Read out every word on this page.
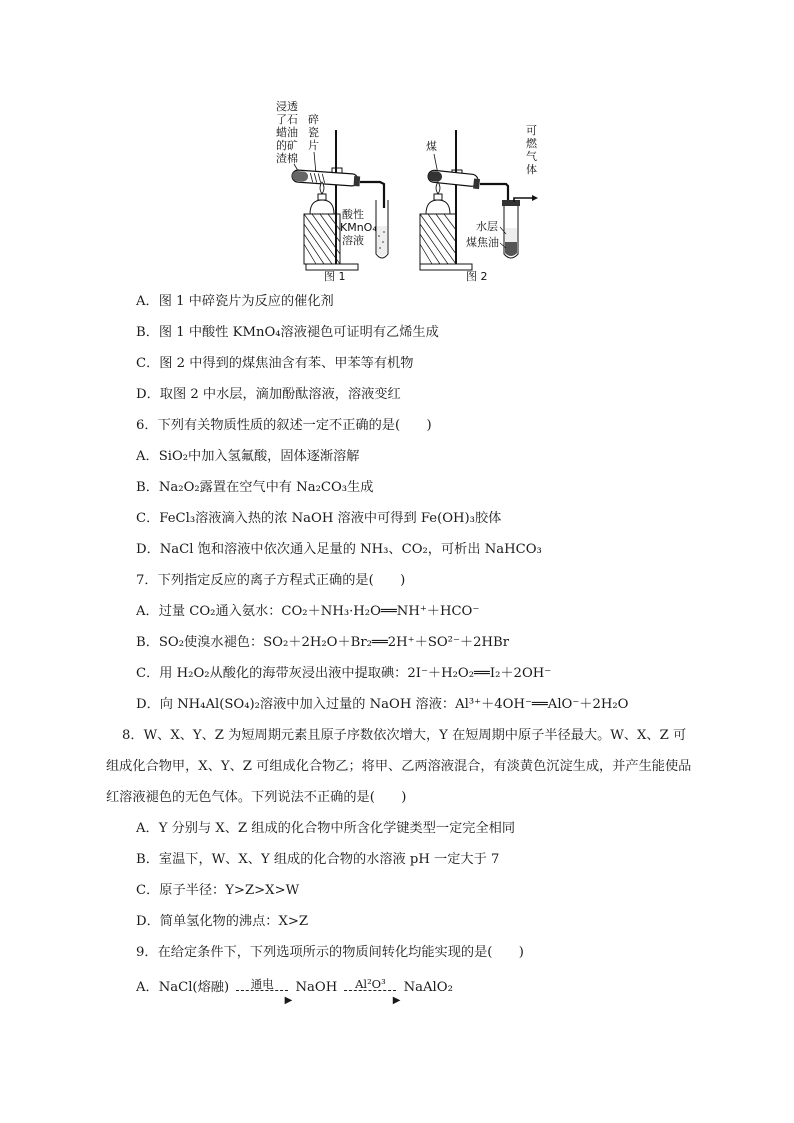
浸透
了石
蜡油
的矿
渣棉
碎
瓷
片
酸性
KMnO₄
溶液
图 1
煤
可
燃
气
体
水层
煤焦油
图 2
A．图 1 中碎瓷片为反应的催化剂
B．图 1 中酸性 KMnO₄溶液褪色可证明有乙烯生成
C．图 2 中得到的煤焦油含有苯、甲苯等有机物
D．取图 2 中水层，滴加酚酞溶液，溶液变红
6．下列有关物质性质的叙述一定不正确的是(　　)
A．SiO₂中加入氢氟酸，固体逐渐溶解
B．Na₂O₂露置在空气中有 Na₂CO₃生成
C．FeCl₃溶液滴入热的浓 NaOH 溶液中可得到 Fe(OH)₃胶体
D．NaCl 饱和溶液中依次通入足量的 NH₃、CO₂，可析出 NaHCO₃
7．下列指定反应的离子方程式正确的是(　　)
A．过量 CO₂通入氨水：CO₂＋NH₃·H₂O══NH⁺＋HCO⁻
B．SO₂使溴水褪色：SO₂＋2H₂O＋Br₂══2H⁺＋SO²⁻＋2HBr
C．用 H₂O₂从酸化的海带灰浸出液中提取碘：2I⁻＋H₂O₂══I₂＋2OH⁻
D．向 NH₄Al(SO₄)₂溶液中加入过量的 NaOH 溶液：Al³⁺＋4OH⁻══AlO⁻＋2H₂O

8．W、X、Y、Z 为短周期元素且原子序数依次增大，Y 在短周期中原子半径最大。W、X、Z 可组成化合物甲，X、Y、Z 可组成化合物乙；将甲、乙两溶液混合，有淡黄色沉淀生成，并产生能使品红溶液褪色的无色气体。下列说法不正确的是(　　)

A．Y 分别与 X、Z 组成的化合物中所含化学键类型一定完全相同
B．室温下，W、X、Y 组成的化合物的水溶液 pH 一定大于 7
C．原子半径：Y>Z>X>W
D．简单氢化物的沸点：X>Z
9．在给定条件下，下列选项所示的物质间转化均能实现的是(　　)
A．NaCl(熔融)	通电
▶
NaOH	Al²O³
▶
NaAlO₂
